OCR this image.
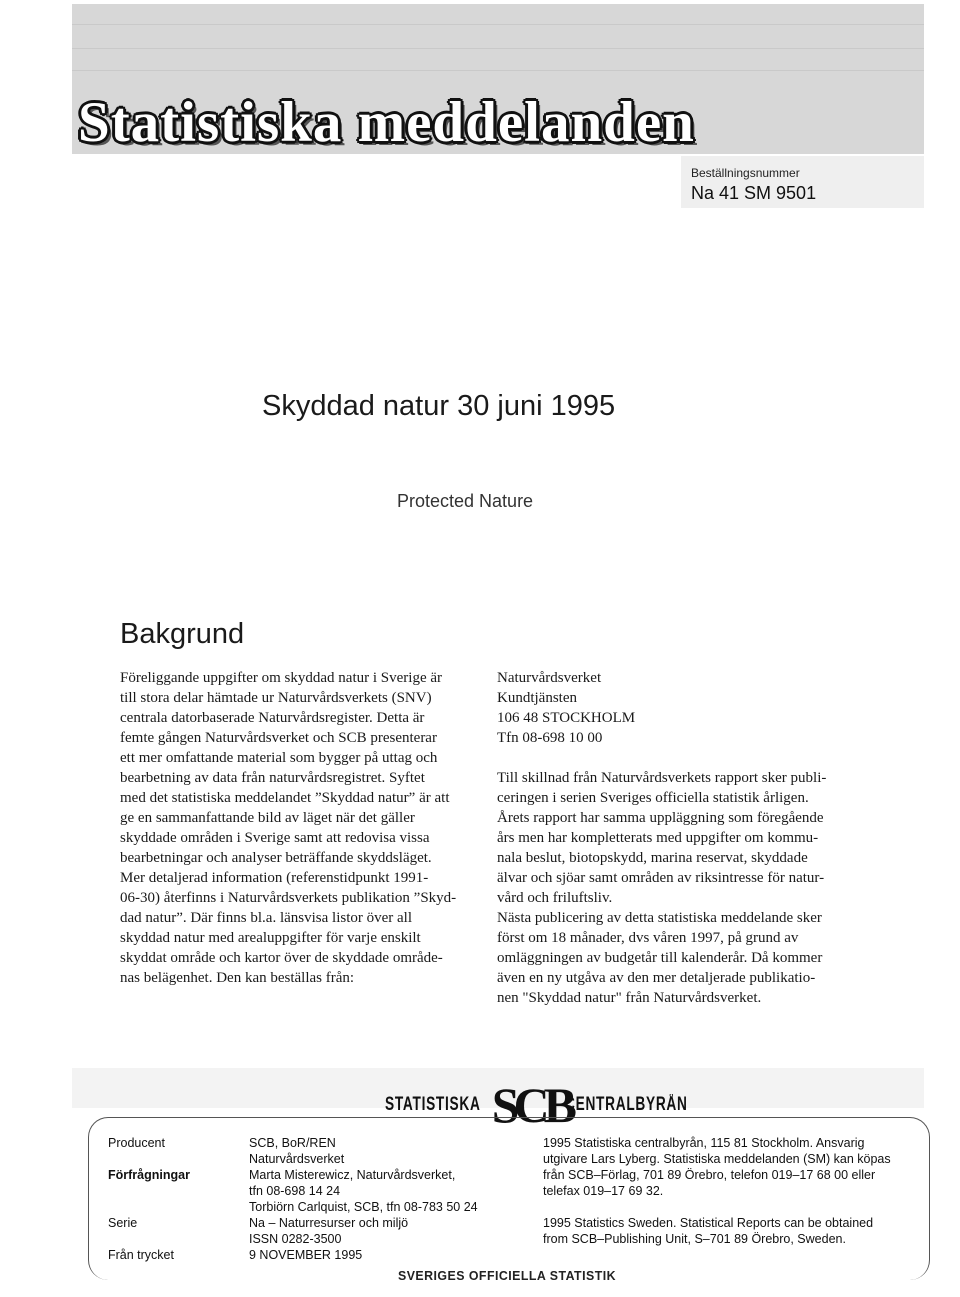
Statistiska meddelanden
Beställningsnummer
Na 41 SM 9501
Skyddad natur 30 juni 1995
Protected Nature
Bakgrund
Föreliggande uppgifter om skyddad natur i Sverige är
till stora delar hämtade ur Naturvårdsverkets (SNV)
centrala datorbaserade Naturvårdsregister. Detta är
femte gången Naturvårdsverket och SCB presenterar
ett mer omfattande material som bygger på uttag och
bearbetning av data från naturvårdsregistret. Syftet
med det statistiska meddelandet ”Skyddad natur” är att
ge en sammanfattande bild av läget när det gäller
skyddade områden i Sverige samt att redovisa vissa
bearbetningar och analyser beträffande skyddsläget.
Mer detaljerad information (referenstidpunkt 1991-
06-30) återfinns i Naturvårdsverkets publikation ”Skyd-
dad natur”. Där finns bl.a. länsvisa listor över all
skyddad natur med arealuppgifter för varje enskilt
skyddat område och kartor över de skyddade område-
nas belägenhet. Den kan beställas från:
Naturvårdsverket
Kundtjänsten
106 48 STOCKHOLM
Tfn 08-698 10 00
Till skillnad från Naturvårdsverkets rapport sker publi-
ceringen i serien Sveriges officiella statistik årligen.
Årets rapport har samma uppläggning som föregående
års men har kompletterats med uppgifter om kommu-
nala beslut, biotopskydd, marina reservat, skyddade
älvar och sjöar samt områden av riksintresse för natur-
vård och friluftsliv.
Nästa publicering av detta statistiska meddelande sker
först om 18 månader, dvs våren 1997, på grund av
omläggningen av budgetår till kalenderår. Då kommer
även en ny utgåva av den mer detaljerade publikatio-
nen "Skyddad natur" från Naturvårdsverket.
STATISTISKA SCB
CENTRALBYRÅN
Producent	SCB, BoR/REN
Naturvårdsverket
Förfrågningar	Marta Misterewicz, Naturvårdsverket,
tfn 08-698 14 24
Torbiörn Carlquist, SCB, tfn 08-783 50 24
Serie	Na – Naturresurser och miljö
ISSN 0282-3500
Från trycket	9 NOVEMBER 1995
1995 Statistiska centralbyrån, 115 81 Stockholm. Ansvarig
utgivare Lars Lyberg. Statistiska meddelanden (SM) kan köpas
från SCB–Förlag, 701 89 Örebro, telefon 019–17 68 00 eller
telefax 019–17 69 32.
1995 Statistics Sweden. Statistical Reports can be obtained
from SCB–Publishing Unit, S–701 89 Örebro, Sweden.
SVERIGES OFFICIELLA STATISTIK
